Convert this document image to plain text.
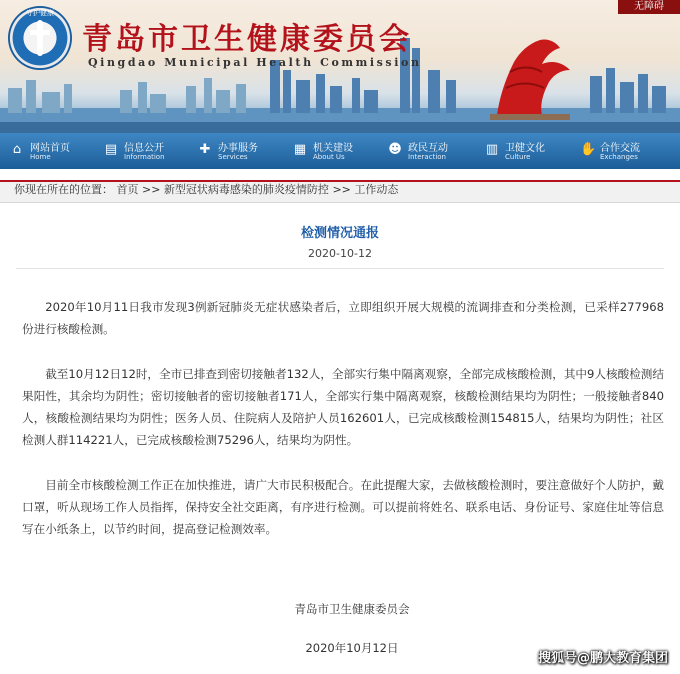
无障碍
守护健康
青岛市卫生健康委员会
Qingdao Municipal Health Commission
⌂ 网站首页
Home	▤ 信息公开
Information	✚ 办事服务
Services	▦ 机关建设
About Us	☻ 政民互动
Interaction	▥ 卫健文化
Culture	✋ 合作交流
Exchanges
你现在所在的位置： 首页 >> 新型冠状病毒感染的肺炎疫情防控 >> 工作动态
检测情况通报
2020-10-12
2020年10月11日我市发现3例新冠肺炎无症状感染者后，立即组织开展大规模的流调排查和分类检测，已采样277968份进行核酸检测。
截至10月12日12时，全市已排查到密切接触者132人，全部实行集中隔离观察，全部完成核酸检测，其中9人核酸检测结果阳性，其余均为阴性；密切接触者的密切接触者171人，全部实行集中隔离观察，核酸检测结果均为阴性；一般接触者840人，核酸检测结果均为阴性；医务人员、住院病人及陪护人员162601人，已完成核酸检测154815人，结果均为阴性；社区检测人群114221人，已完成核酸检测75296人，结果均为阴性。
目前全市核酸检测工作正在加快推进，请广大市民积极配合。在此提醒大家，去做核酸检测时，要注意做好个人防护，戴口罩，听从现场工作人员指挥，保持安全社交距离，有序进行检测。可以提前将姓名、联系电话、身份证号、家庭住址等信息写在小纸条上，以节约时间，提高登记检测效率。
青岛市卫生健康委员会
2020年10月12日
搜狐号@鹏大教育集团
